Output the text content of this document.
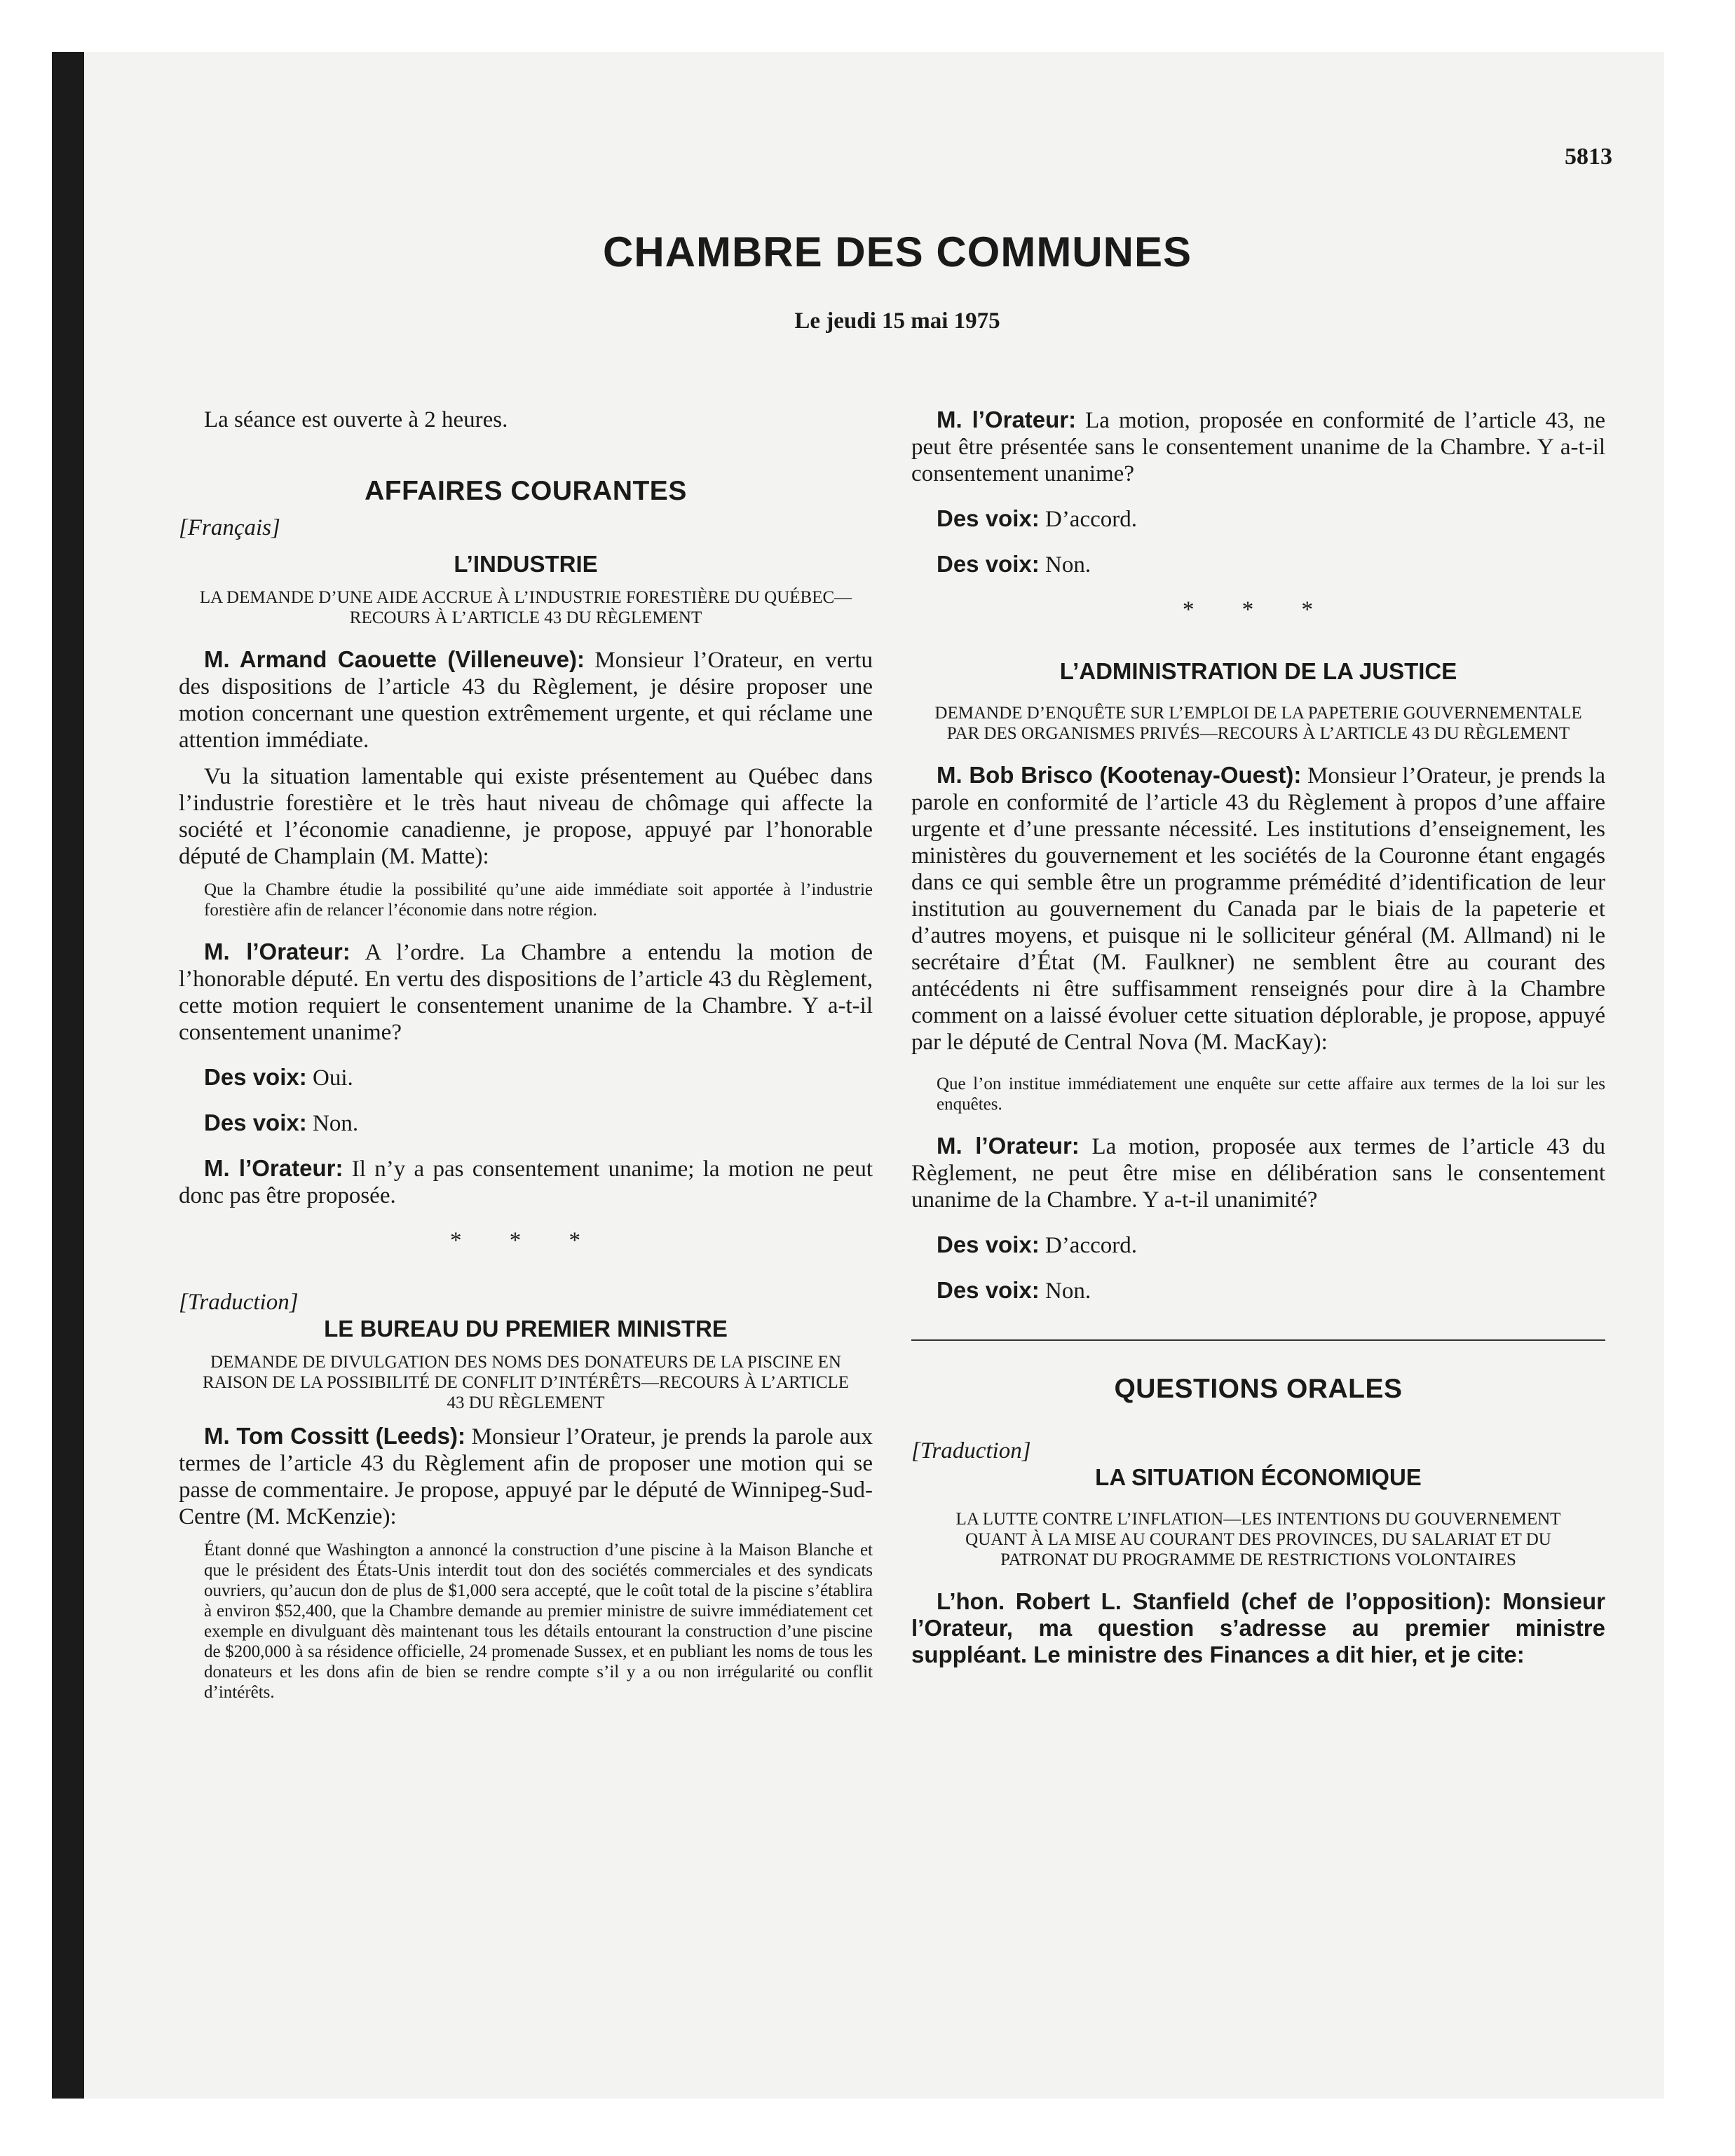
5813
CHAMBRE DES COMMUNES
Le jeudi 15 mai 1975

La séance est ouverte à 2 heures.

AFFAIRES COURANTES
[Français]
L’INDUSTRIE
LA DEMANDE D’UNE AIDE ACCRUE À L’INDUSTRIE FORESTIÈRE DU QUÉBEC—RECOURS À L’ARTICLE 43 DU RÈGLEMENT

M. Armand Caouette (Villeneuve): Monsieur l’Orateur, en vertu des dispositions de l’article 43 du Règlement, je désire proposer une motion concernant une question extrêmement urgente, et qui réclame une attention immédiate.

Vu la situation lamentable qui existe présentement au Québec dans l’industrie forestière et le très haut niveau de chômage qui affecte la société et l’économie canadienne, je propose, appuyé par l’honorable député de Champlain (M. Matte):

Que la Chambre étudie la possibilité qu’une aide immédiate soit apportée à l’industrie forestière afin de relancer l’économie dans notre région.

M. l’Orateur: A l’ordre. La Chambre a entendu la motion de l’honorable député. En vertu des dispositions de l’article 43 du Règlement, cette motion requiert le consentement unanime de la Chambre. Y a-t-il consentement unanime?

Des voix: Oui.

Des voix: Non.

M. l’Orateur: Il n’y a pas consentement unanime; la motion ne peut donc pas être proposée.

* * *
[Traduction]
LE BUREAU DU PREMIER MINISTRE
DEMANDE DE DIVULGATION DES NOMS DES DONATEURS DE LA PISCINE EN RAISON DE LA POSSIBILITÉ DE CONFLIT D’INTÉRÊTS—RECOURS À L’ARTICLE 43 DU RÈGLEMENT

M. Tom Cossitt (Leeds): Monsieur l’Orateur, je prends la parole aux termes de l’article 43 du Règlement afin de proposer une motion qui se passe de commentaire. Je propose, appuyé par le député de Winnipeg-Sud-Centre (M. McKenzie):

Étant donné que Washington a annoncé la construction d’une piscine à la Maison Blanche et que le président des États-Unis interdit tout don des sociétés commerciales et des syndicats ouvriers, qu’aucun don de plus de $1,000 sera accepté, que le coût total de la piscine s’établira à environ $52,400, que la Chambre demande au premier ministre de suivre immédiatement cet exemple en divulguant dès maintenant tous les détails entourant la construction d’une piscine de $200,000 à sa résidence officielle, 24 promenade Sussex, et en publiant les noms de tous les donateurs et les dons afin de bien se rendre compte s’il y a ou non irrégularité ou conflit d’intérêts.

M. l’Orateur: La motion, proposée en conformité de l’article 43, ne peut être présentée sans le consentement unanime de la Chambre. Y a-t-il consentement unanime?

Des voix: D’accord.

Des voix: Non.

* * *
L’ADMINISTRATION DE LA JUSTICE
DEMANDE D’ENQUÊTE SUR L’EMPLOI DE LA PAPETERIE GOUVERNEMENTALE PAR DES ORGANISMES PRIVÉS—RECOURS À L’ARTICLE 43 DU RÈGLEMENT

M. Bob Brisco (Kootenay-Ouest): Monsieur l’Orateur, je prends la parole en conformité de l’article 43 du Règlement à propos d’une affaire urgente et d’une pressante nécessité. Les institutions d’enseignement, les ministères du gouvernement et les sociétés de la Couronne étant engagés dans ce qui semble être un programme prémédité d’identification de leur institution au gouvernement du Canada par le biais de la papeterie et d’autres moyens, et puisque ni le solliciteur général (M. Allmand) ni le secrétaire d’État (M. Faulkner) ne semblent être au courant des antécédents ni être suffisamment renseignés pour dire à la Chambre comment on a laissé évoluer cette situation déplorable, je propose, appuyé par le député de Central Nova (M. MacKay):

Que l’on institue immédiatement une enquête sur cette affaire aux termes de la loi sur les enquêtes.

M. l’Orateur: La motion, proposée aux termes de l’article 43 du Règlement, ne peut être mise en délibération sans le consentement unanime de la Chambre. Y a-t-il unanimité?

Des voix: D’accord.

Des voix: Non.

QUESTIONS ORALES
[Traduction]
LA SITUATION ÉCONOMIQUE
LA LUTTE CONTRE L’INFLATION—LES INTENTIONS DU GOUVERNEMENT QUANT À LA MISE AU COURANT DES PROVINCES, DU SALARIAT ET DU PATRONAT DU PROGRAMME DE RESTRICTIONS VOLONTAIRES

L’hon. Robert L. Stanfield (chef de l’opposition): Monsieur l’Orateur, ma question s’adresse au premier ministre suppléant. Le ministre des Finances a dit hier, et je cite:
